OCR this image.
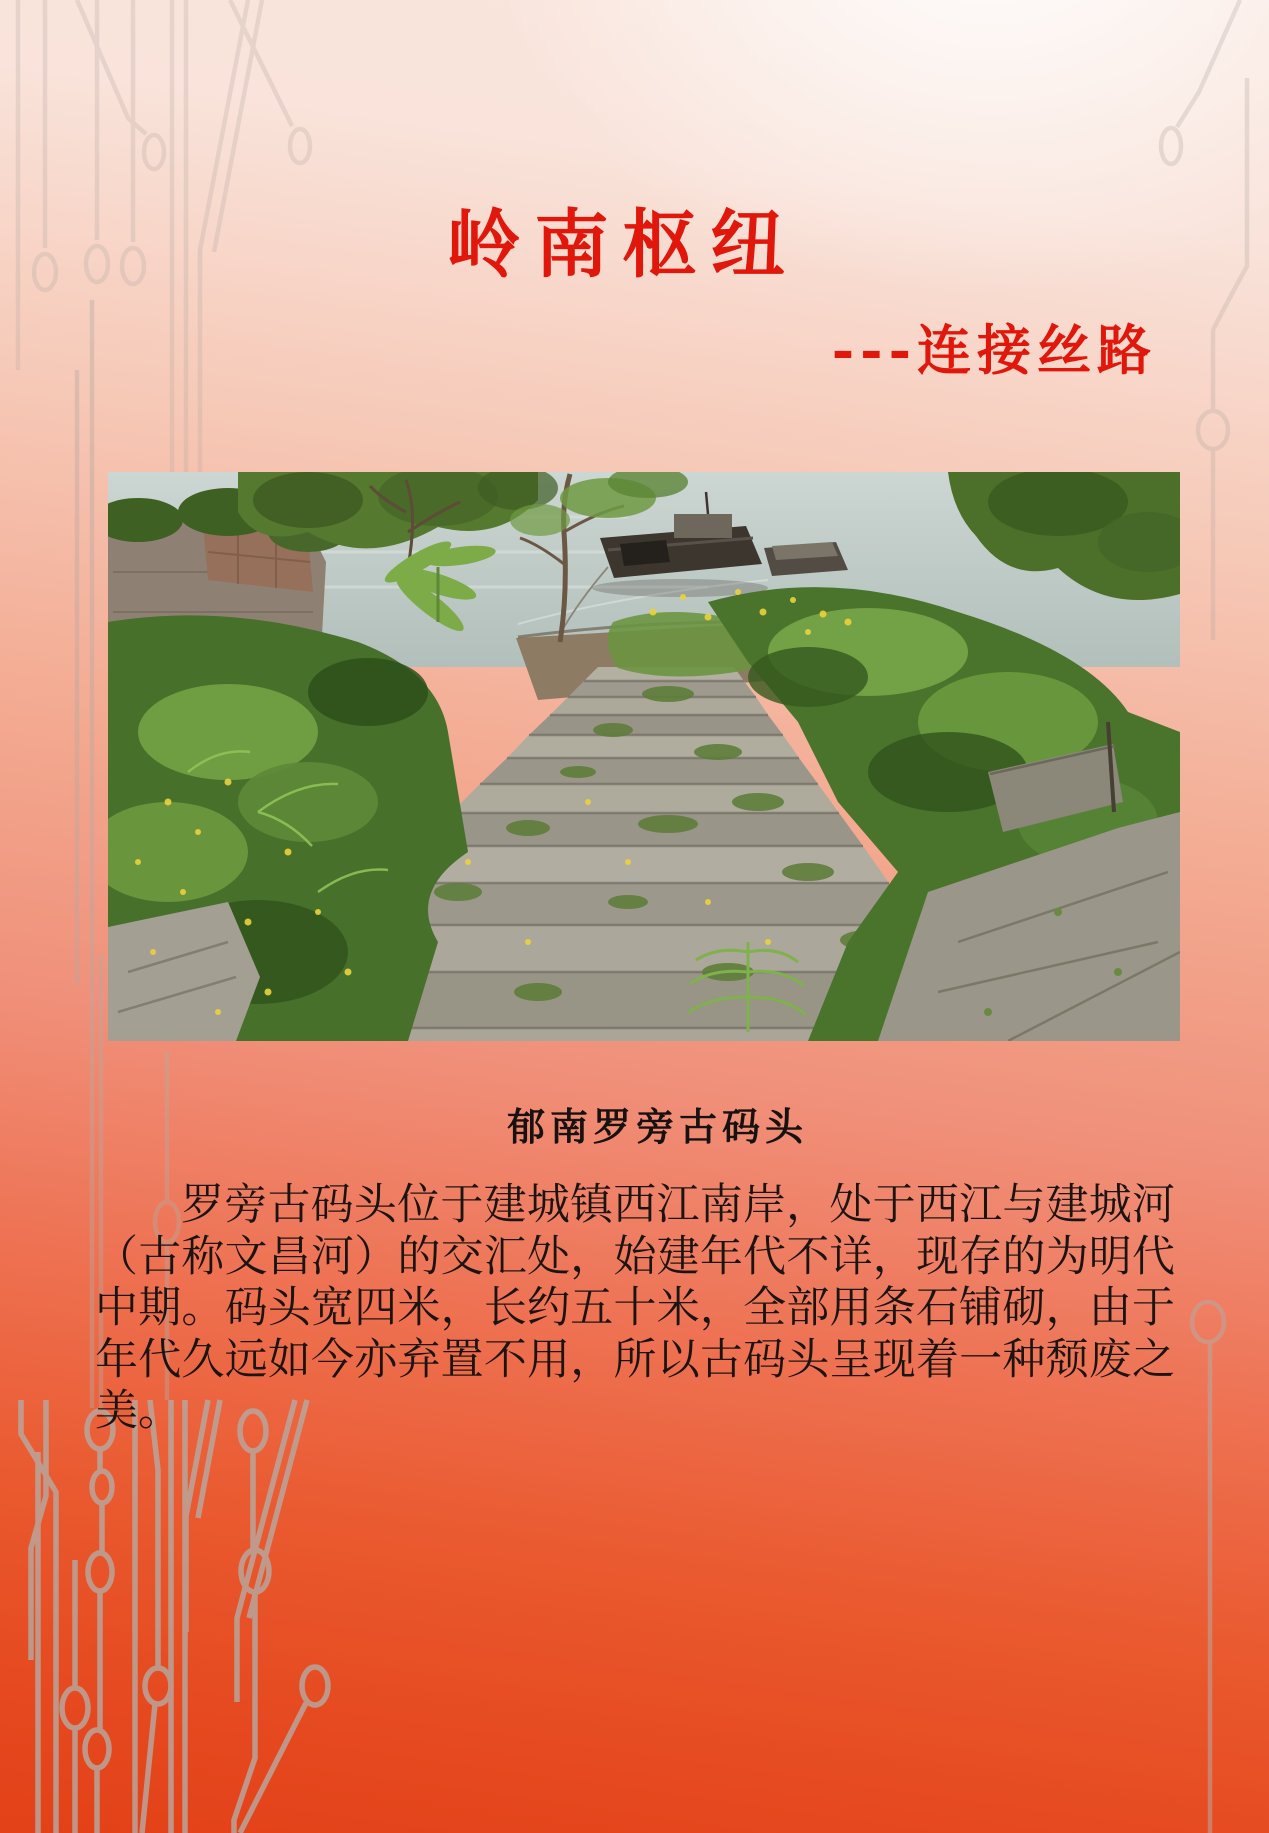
岭南枢纽
---连接丝路
郁南罗旁古码头

罗旁古码头位于建城镇西江南岸，处于西江与建城河（古称文昌河）的交汇处，始建年代不详，现存的为明代中期。码头宽四米，长约五十米，全部用条石铺砌，由于年代久远如今亦弃置不用，所以古码头呈现着一种颓废之美。
